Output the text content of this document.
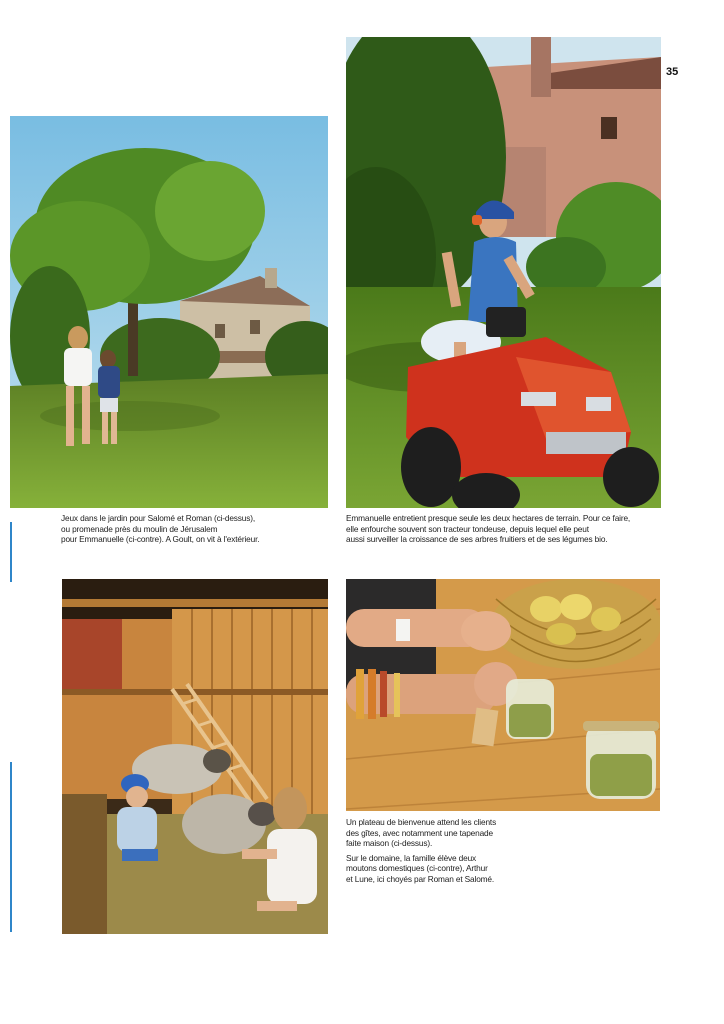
35

Jeux dans le jardin pour Salomé et Roman (ci-dessus),

ou promenade près du moulin de Jérusalem

pour Emmanuelle (ci-contre). A Goult, on vit à l'extérieur.

Emmanuelle entretient presque seule les deux hectares de terrain. Pour ce faire,

elle enfourche souvent son tracteur tondeuse, depuis lequel elle peut

aussi surveiller la croissance de ses arbres fruitiers et de ses légumes bio.

Un plateau de bienvenue attend les clients

des gîtes, avec notamment une tapenade

faite maison (ci-dessus).

Sur le domaine, la famille élève deux

moutons domestiques (ci-contre), Arthur

et Lune, ici choyés par Roman et Salomé.
